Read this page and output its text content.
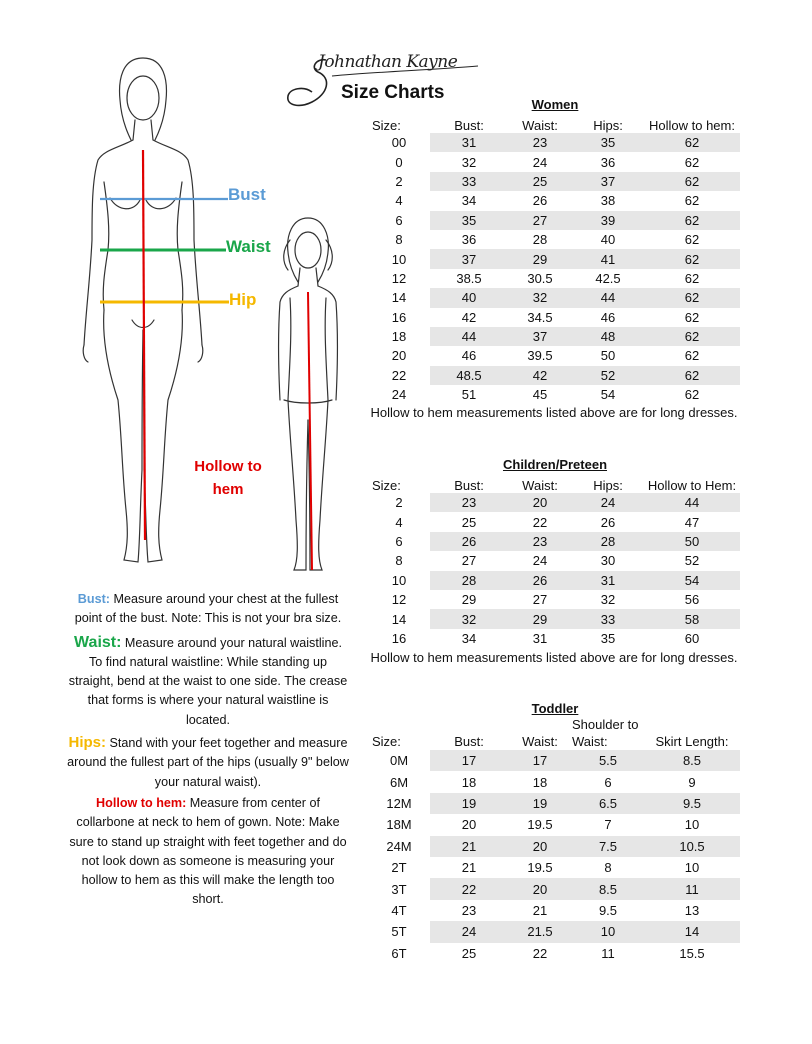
Bust
Waist
Hip
Hollow to hem
Johnathan Kayne
Size Charts
Women
Size:	Bust:	Waist:	Hips:	Hollow to hem:
00	31	23	35	62
0	32	24	36	62
2	33	25	37	62
4	34	26	38	62
6	35	27	39	62
8	36	28	40	62
10	37	29	41	62
12	38.5	30.5	42.5	62
14	40	32	44	62
16	42	34.5	46	62
18	44	37	48	62
20	46	39.5	50	62
22	48.5	42	52	62
24	51	45	54	62
Hollow to hem measurements listed above are for long dresses.
Children/Preteen
Size:	Bust:	Waist:	Hips:	Hollow to Hem:
2	23	20	24	44
4	25	22	26	47
6	26	23	28	50
8	27	24	30	52
10	28	26	31	54
12	29	27	32	56
14	32	29	33	58
16	34	31	35	60
Hollow to hem measurements listed above are for long dresses.
Toddler
Size:	Bust:	Waist:	Shoulder to Waist:	Skirt Length:
0M	17	17	5.5	8.5
6M	18	18	6	9
12M	19	19	6.5	9.5
18M	20	19.5	7	10
24M	21	20	7.5	10.5
2T	21	19.5	8	10
3T	22	20	8.5	11
4T	23	21	9.5	13
5T	24	21.5	10	14
6T	25	22	11	15.5

Bust: Measure around your chest at the fullest point of the bust. Note: This is not your bra size.

Waist: Measure around your natural waistline. To find natural waistline: While standing up straight, bend at the waist to one side. The crease that forms is where your natural waistline is located.

Hips: Stand with your feet together and measure around the fullest part of the hips (usually 9" below your natural waist).

Hollow to hem: Measure from center of collarbone at neck to hem of gown. Note: Make sure to stand up straight with feet together and do not look down as someone is measuring your hollow to hem as this will make the length too short.
